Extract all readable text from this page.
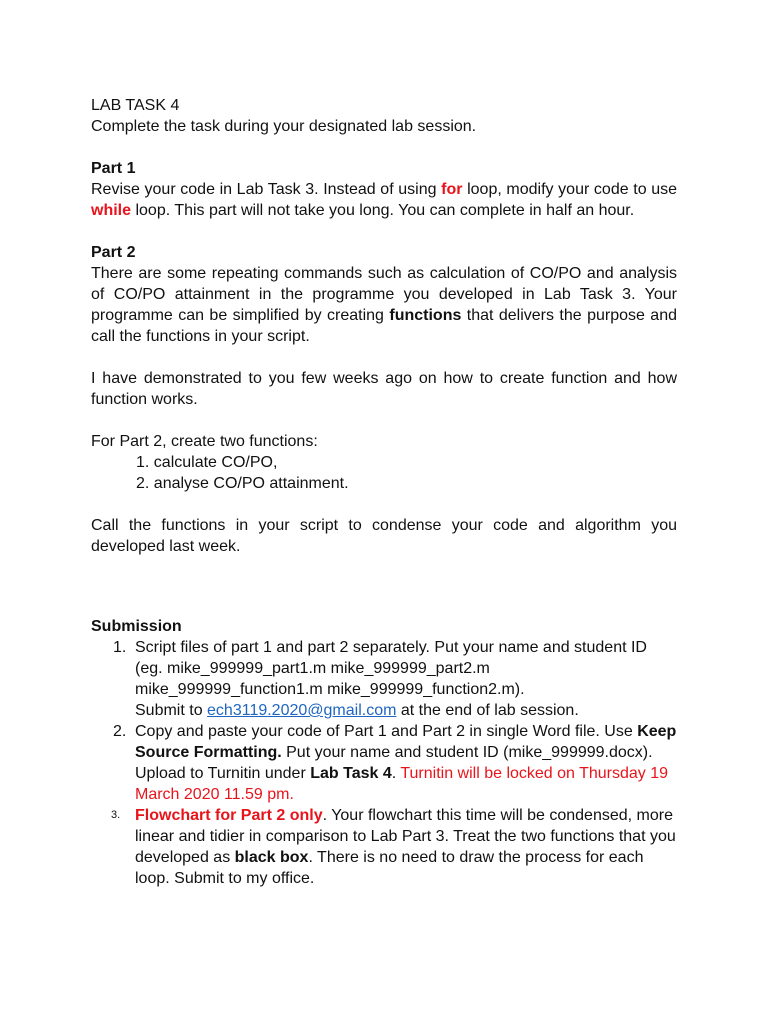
LAB TASK 4
Complete the task during your designated lab session.
Part 1
Revise your code in Lab Task 3. Instead of using for loop, modify your code to use while loop. This part will not take you long. You can complete in half an hour.
Part 2
There are some repeating commands such as calculation of CO/PO and analysis of CO/PO attainment in the programme you developed in Lab Task 3. Your programme can be simplified by creating functions that delivers the purpose and call the functions in your script.
I have demonstrated to you few weeks ago on how to create function and how function works.
For Part 2, create two functions:
1. calculate CO/PO,
2. analyse CO/PO attainment.
Call the functions in your script to condense your code and algorithm you developed last week.
Submission
1. Script files of part 1 and part 2 separately. Put your name and student ID (eg. mike_999999_part1.m mike_999999_part2.m mike_999999_function1.m mike_999999_function2.m).
Submit to ech3119.2020@gmail.com at the end of lab session.
2. Copy and paste your code of Part 1 and Part 2 in single Word file. Use Keep Source Formatting. Put your name and student ID (mike_999999.docx). Upload to Turnitin under Lab Task 4. Turnitin will be locked on Thursday 19 March 2020 11.59 pm.
3. Flowchart for Part 2 only. Your flowchart this time will be condensed, more linear and tidier in comparison to Lab Part 3. Treat the two functions that you developed as black box. There is no need to draw the process for each loop. Submit to my office.
